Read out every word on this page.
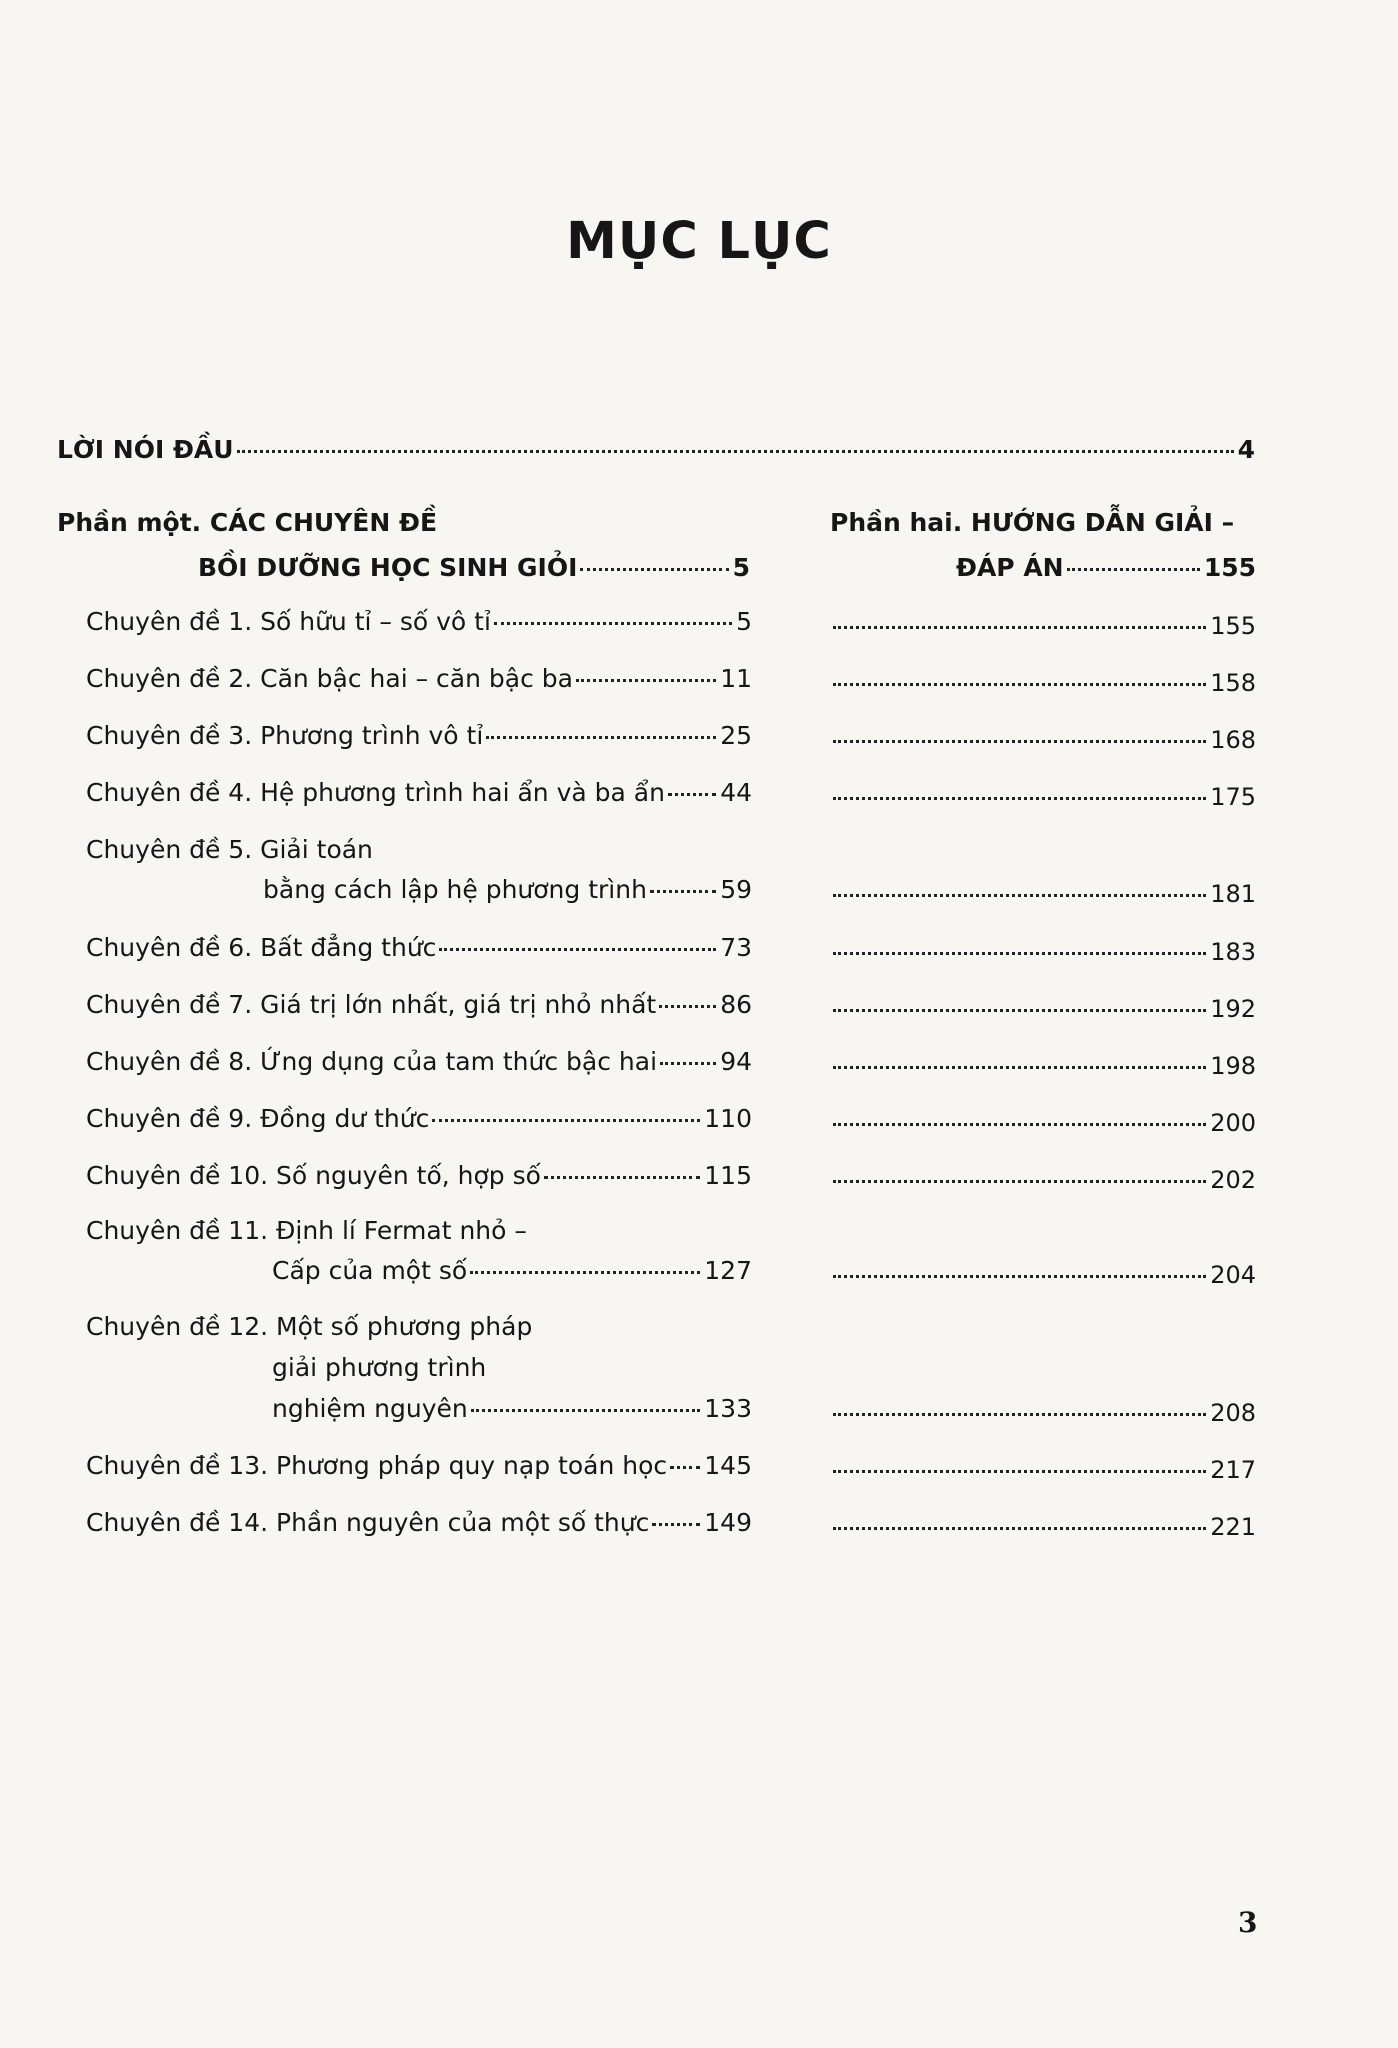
MỤC LỤC
LỜI NÓI ĐẦU	4
Phần một. CÁC CHUYÊN ĐỀ
BỒI DƯỠNG HỌC SINH GIỎI	5
Phần hai. HƯỚNG DẪN GIẢI –
ĐÁP ÁN	155
Chuyên đề 1. Số hữu tỉ – số vô tỉ	5	155
Chuyên đề 2. Căn bậc hai – căn bậc ba	11	158
Chuyên đề 3. Phương trình vô tỉ	25	168
Chuyên đề 4. Hệ phương trình hai ẩn và ba ẩn 44	175
Chuyên đề 5. Giải toán
bằng cách lập hệ phương trình	59	181
Chuyên đề 6. Bất đẳng thức	73	183
Chuyên đề 7. Giá trị lớn nhất, giá trị nhỏ nhất	86	192
Chuyên đề 8. Ứng dụng của tam thức bậc hai	94	198
Chuyên đề 9. Đồng dư thức	110	200
Chuyên đề 10. Số nguyên tố, hợp số	115	202
Chuyên đề 11. Định lí Fermat nhỏ –
Cấp của một số	127	204
Chuyên đề 12. Một số phương pháp
giải phương trình
nghiệm nguyên	133	208
Chuyên đề 13. Phương pháp quy nạp toán học 145	217
Chuyên đề 14. Phần nguyên của một số thực 149	221
3
